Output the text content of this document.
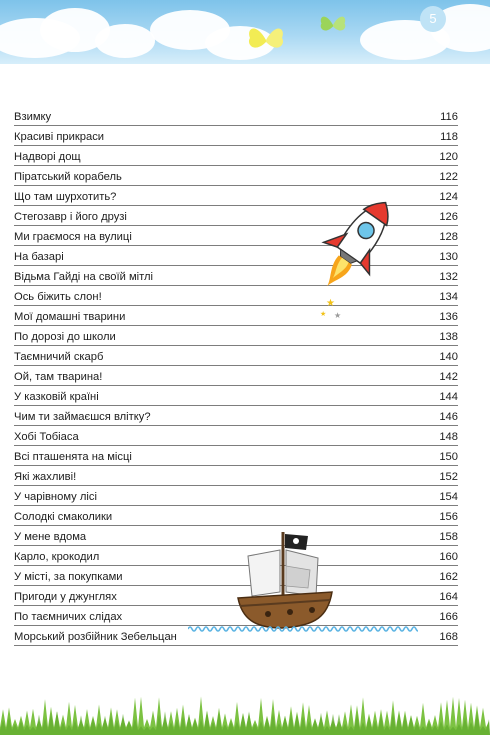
5
Взимку	116
Красиві прикраси	118
Надворі дощ	120
Піратський корабель	122
Що там шурхотить?	124
Стегозавр і його друзі	126
Ми граємося на вулиці	128
На базарі	130
Відьма Гайді на своїй мітлі	132
Ось біжить слон!	134
Мої домашні тварини	136
По дорозі до школи	138
Таємничий скарб	140
Ой, там тварина!	142
У казковій країні	144
Чим ти займаєшся влітку?	146
Хобі Тобіаса	148
Всі пташенята на місці	150
Які жахливі!	152
У чарівному лісі	154
Солодкі смаколики	156
У мене вдома	158
Карло, крокодил	160
У місті, за покупками	162
Пригоди у джунглях	164
По таємничих слідах	166
Морський розбійник Зебельцан	168
★
★
★
